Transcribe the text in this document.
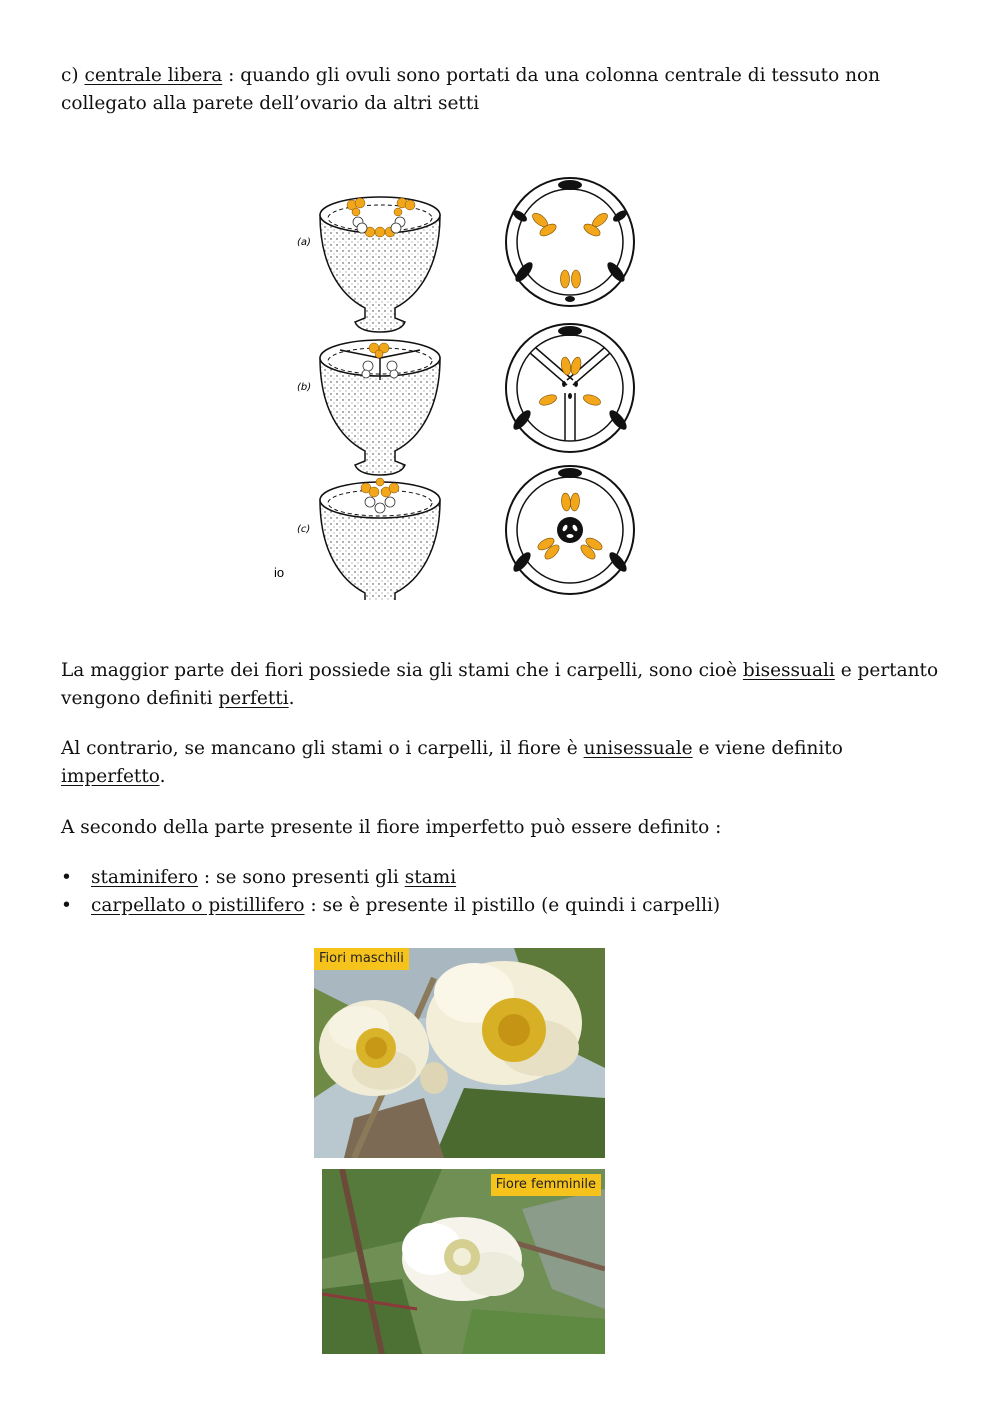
c) centrale libera : quando gli ovuli sono portati da una colonna centrale di tessuto non collegato alla parete dell’ovario da altri setti

(a)
(b)
(c)
io

La maggior parte dei fiori possiede sia gli stami che i carpelli, sono cioè bisessuali e pertanto vengono definiti perfetti.

Al contrario, se mancano gli stami o i carpelli, il fiore è unisessuale e viene definito imperfetto.

A secondo della parte presente il fiore imperfetto può essere definito :

• staminifero : se sono presenti gli stami
• carpellato o pistillifero : se è presente il pistillo (e quindi i carpelli)
Fiori maschili
Fiore femminile
